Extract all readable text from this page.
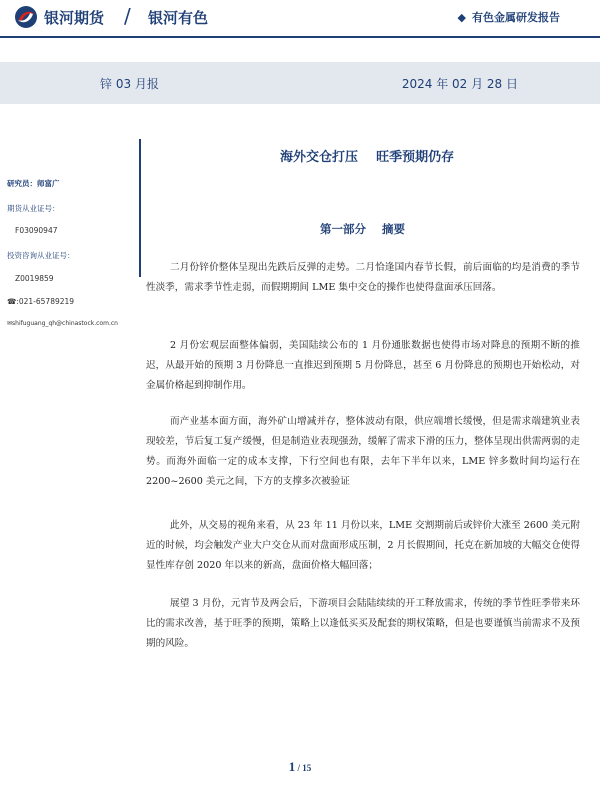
银河期货 / 银河有色	◆ 有色金属研发报告
锌 03 月报	2024 年 02 月 28 日
研究员：师富广
期货从业证号：
F03090947
投资咨询从业证号：
Z0019859
☎:021-65789219
✉shifuguang_qh@chinastock.com.cn
海外交仓打压    旺季预期仍存
第一部分    摘要

二月份锌价整体呈现出先跌后反弹的走势。二月恰逢国内春节长假，前后面临的均是消费的季节性淡季，需求季节性走弱，而假期期间 LME 集中交仓的操作也使得盘面承压回落。

2 月份宏观层面整体偏弱，美国陆续公布的 1 月份通胀数据也使得市场对降息的预期不断的推迟，从最开始的预期 3 月份降息一直推迟到预期 5 月份降息，甚至 6 月份降息的预期也开始松动，对金属价格起到抑制作用。

而产业基本面方面，海外矿山增减并存，整体波动有限，供应端增长缓慢，但是需求端建筑业表现较差，节后复工复产缓慢，但是制造业表现强劲，缓解了需求下滑的压力，整体呈现出供需两弱的走势。而海外面临一定的成本支撑，下行空间也有限，去年下半年以来，LME 锌多数时间均运行在 2200~2600 美元之间，下方的支撑多次被验证

此外，从交易的视角来看，从 23 年 11 月份以来，LME 交割期前后或锌价大涨至 2600 美元附近的时候，均会触发产业大户交仓从而对盘面形成压制，2 月长假期间，托克在新加坡的大幅交仓使得显性库存创 2020 年以来的新高，盘面价格大幅回落；

展望 3 月份，元宵节及两会后，下游项目会陆陆续续的开工释放需求，传统的季节性旺季带来环比的需求改善，基于旺季的预期，策略上以逢低买买及配套的期权策略，但是也要谨慎当前需求不及预期的风险。

1 / 15
